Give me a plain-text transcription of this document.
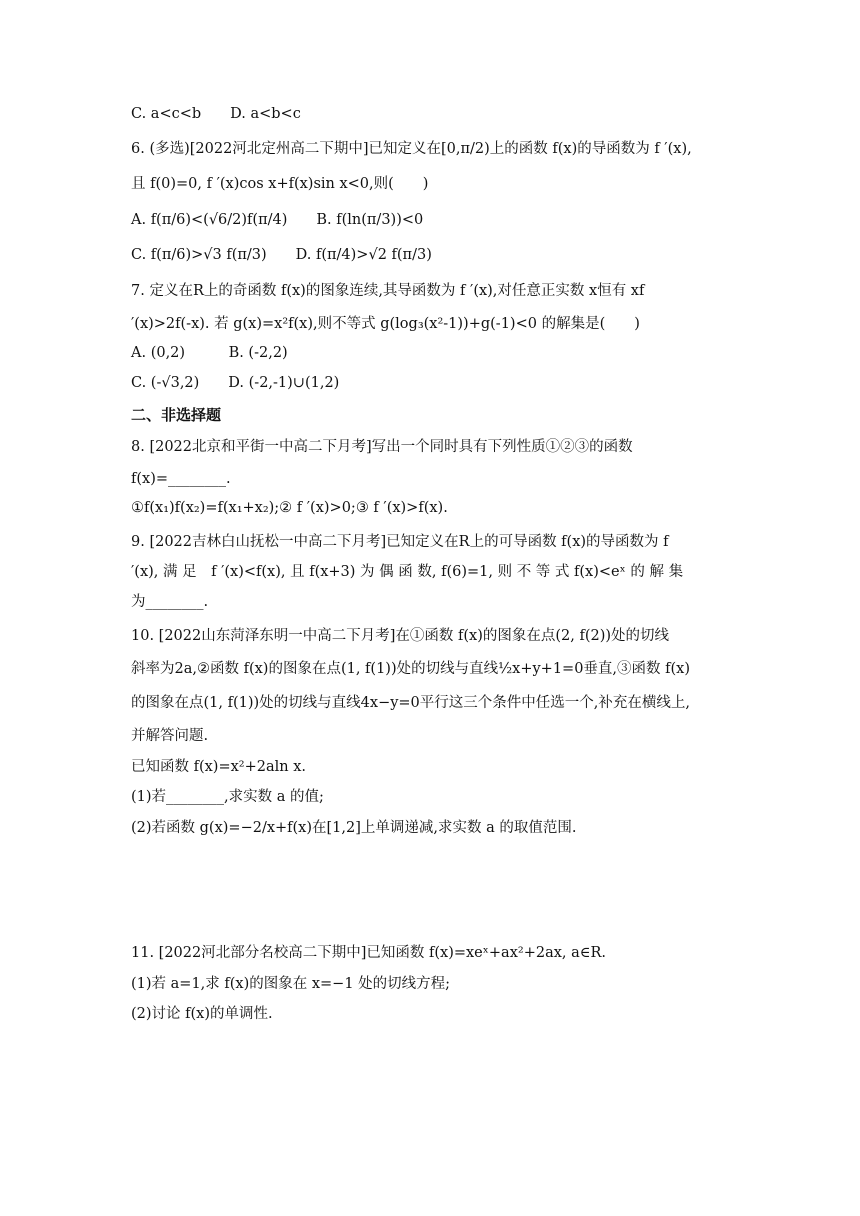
C. a<c<b　　D. a<b<c
6. (多选)[2022河北定州高二下期中]已知定义在[0,π/2)上的函数 f(x)的导函数为 f ′(x),
且 f(0)=0, f ′(x)cos x+f(x)sin x<0,则(　　)
A. f(π/6)<(√6/2)f(π/4)　　B. f(ln(π/3))<0
C. f(π/6)>√3 f(π/3)　　D. f(π/4)>√2 f(π/3)
7. 定义在R上的奇函数 f(x)的图象连续,其导函数为 f ′(x),对任意正实数 x恒有 xf
′(x)>2f(-x). 若 g(x)=x²f(x),则不等式 g(log₃(x²-1))+g(-1)<0 的解集是(　　)
A. (0,2)　　　B. (-2,2)
C. (-√3,2)　　D. (-2,-1)∪(1,2)
二、非选择题
8. [2022北京和平街一中高二下月考]写出一个同时具有下列性质①②③的函数
f(x)=________.
①f(x₁)f(x₂)=f(x₁+x₂);② f ′(x)>0;③ f ′(x)>f(x).
9. [2022吉林白山抚松一中高二下月考]已知定义在R上的可导函数 f(x)的导函数为 f
′(x), 满 足　f ′(x)<f(x), 且 f(x+3) 为 偶 函 数, f(6)=1, 则 不 等 式 f(x)<eˣ 的 解 集
为________.
10. [2022山东菏泽东明一中高二下月考]在①函数 f(x)的图象在点(2, f(2))处的切线
斜率为2a,②函数 f(x)的图象在点(1, f(1))处的切线与直线½x+y+1=0垂直,③函数 f(x)
的图象在点(1, f(1))处的切线与直线4x−y=0平行这三个条件中任选一个,补充在横线上,
并解答问题.
已知函数 f(x)=x²+2aln x.
(1)若________,求实数 a 的值;
(2)若函数 g(x)=−2/x+f(x)在[1,2]上单调递减,求实数 a 的取值范围.
11. [2022河北部分名校高二下期中]已知函数 f(x)=xeˣ+ax²+2ax, a∈R.
(1)若 a=1,求 f(x)的图象在 x=−1 处的切线方程;
(2)讨论 f(x)的单调性.
